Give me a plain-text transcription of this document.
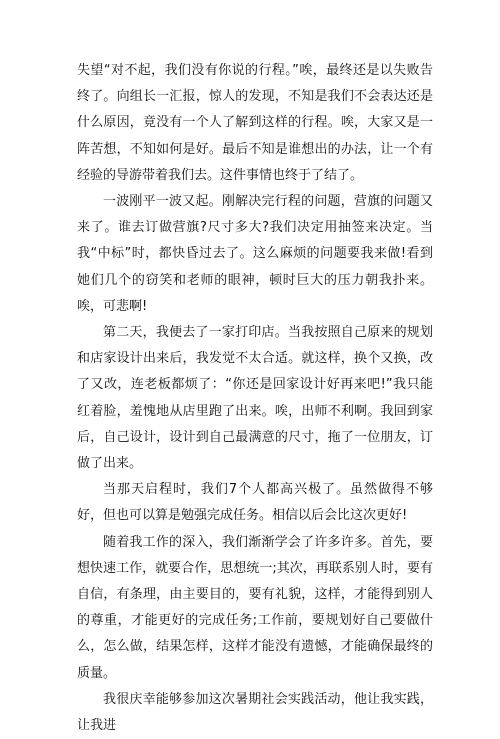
失望“对不起，我们没有你说的行程。”唉，最终还是以失败告终了。向组长一汇报，惊人的发现，不知是我们不会表达还是什么原因，竟没有一个人了解到这样的行程。唉，大家又是一阵苦想，不知如何是好。最后不知是谁想出的办法，让一个有经验的导游带着我们去。这件事情也终于了结了。

一波刚平一波又起。刚解决完行程的问题，营旗的问题又来了。谁去订做营旗?尺寸多大?我们决定用抽签来决定。当我“中标”时，都快昏过去了。这么麻烦的问题要我来做!看到她们几个的窃笑和老师的眼神，顿时巨大的压力朝我扑来。唉，可悲啊!

第二天，我便去了一家打印店。当我按照自己原来的规划和店家设计出来后，我发觉不太合适。就这样，换个又换，改了又改，连老板都烦了：“你还是回家设计好再来吧!”我只能红着脸，羞愧地从店里跑了出来。唉，出师不利啊。我回到家后，自己设计，设计到自己最满意的尺寸，拖了一位朋友，订做了出来。

当那天启程时，我们7个人都高兴极了。虽然做得不够好，但也可以算是勉强完成任务。相信以后会比这次更好!

随着我工作的深入，我们渐渐学会了许多许多。首先，要想快速工作，就要合作，思想统一;其次，再联系别人时，要有自信，有条理，由主要目的，要有礼貌，这样，才能得到别人的尊重，才能更好的完成任务;工作前，要规划好自己要做什么，怎么做，结果怎样，这样才能没有遗憾，才能确保最终的质量。

我很庆幸能够参加这次暑期社会实践活动，他让我实践，让我进
